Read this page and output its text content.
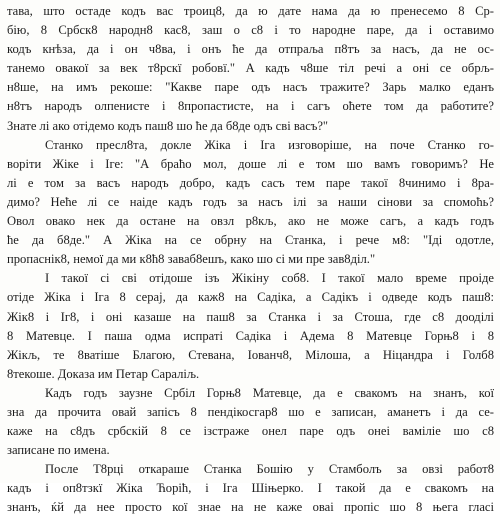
тава, што остаде кодъ вас троиц8, да ю дате нама да ю пренесемо 8 Ср-
бiю, 8 Србск8 народн8 кас8, заш о с8 i то народне паре, да i оставимо
кодъ кнѣза, да i он ч8ва, i онъ ће да отпраља п8тъ за насъ, да не ос-
танемо овакої за век т8рскї робовї." А кадъ ч8ше тiл речi а онi се обрљ-
н8ше, на имъ рекоше: "Какве паре одъ насъ тражите? Зарь малко еданъ
н8тъ народъ олпенисте i 8пропастисте, на i сагъ оћете том да работите?
Знате лi ако отiдемо кодъ паш8 шо ће да б8де одъ свi васъ?"
Станко пресл8та, докле Жiка i Iга изговорiше, на поче Станко го-
ворiти Жiке i Iге: "А браћо мол, доше лi е том шо вамъ говоримъ? Не
лi е том за васъ народъ добро, кадъ сасъ тем паре такої 8чинимо i 8ра-
димо? Неће лi се наiде кадъ годъ за насъ iлi за наши сiнови за спомоћь?
Овол овако нек да остане на овзл р8кљ, ако не може сагъ, а кадъ годъ
ће да б8де." А Жiка на се обрну на Станка, i рече м8: "Iдi одотле,
пропаснiк8, немої да ми к8ћ8 заваб8ешъ, како шо сi ми пре зав8дiл."
I такої сi свi отiдоше iзъ Жiкiну соб8. I такої мало време проiде
отiде Жiка i Iга 8 серај, да каж8 на Садiка, а Садiкъ i одведе кодъ паш8:
Жiк8 i Iг8, i онi казаше на паш8 за Станка i за Стоша, где с8 доодiлi
8 Матевце. I паша одма испратi Садiка i Адема 8 Матевце Горњ8 i 8
Жiкљ, те 8ватiше Благою, Стевана, Iованч8, Мiлоша, а Нiцандра i Голб8
8текоше. Доказа им Петар Саралiљ.
Кадъ годъ заузне Србiл Горњ8 Матевце, да е свакомъ на знанъ, кої
зна да прочита овай запiсъ 8 пендiкосгар8 шо е записан, аманетъ i да се-
каже на с8дъ србскiй 8 се iзстраже онел паре одъ онеi вамiлiе шо с8
записане по имена.
После Т8рцi откараше Станка Бошiю у Стамболъ за овзi работ8
кадъ i оп8тзкї Жiка Ћорiћ, i Iга Шiњерко. I такой да е свакомъ на
знанъ, ќй да нее просто кої знае на не каже оваi пропiс шо 8 њега гласi
